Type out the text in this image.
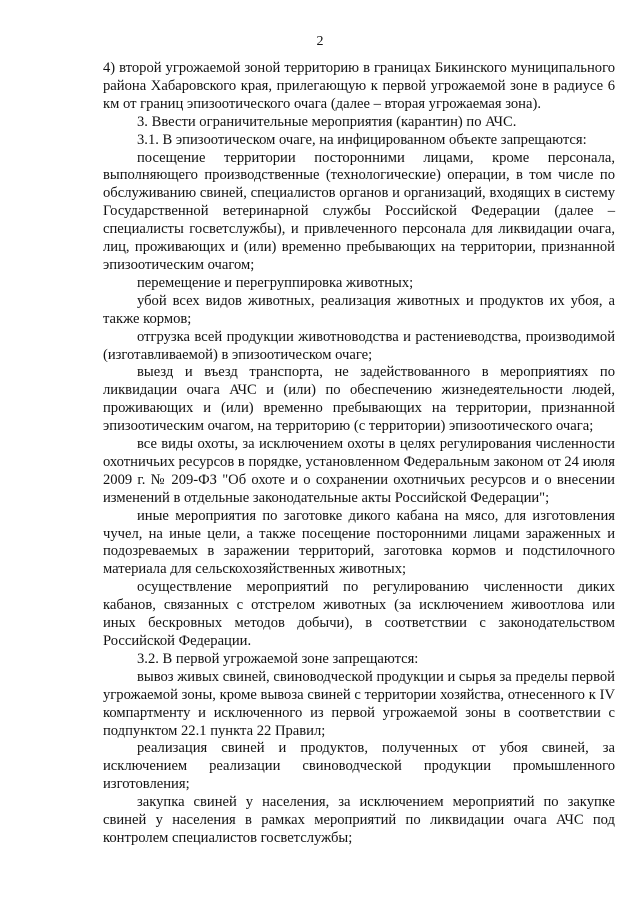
2

4) второй угрожаемой зоной территорию в границах Бикинского муниципального района Хабаровского края, прилегающую к первой угрожаемой зоне в радиусе 6 км от границ эпизоотического очага (далее – вторая угрожаемая зона).

3. Ввести ограничительные мероприятия (карантин) по АЧС.

3.1. В эпизоотическом очаге, на инфицированном объекте запрещаются:

посещение территории посторонними лицами, кроме персонала, выполняющего производственные (технологические) операции, в том числе по обслуживанию свиней, специалистов органов и организаций, входящих в систему Государственной ветеринарной службы Российской Федерации (далее – специалисты госветслужбы), и привлеченного персонала для ликвидации очага, лиц, проживающих и (или) временно пребывающих на территории, признанной эпизоотическим очагом;

перемещение и перегруппировка животных;

убой всех видов животных, реализация животных и продуктов их убоя, а также кормов;

отгрузка всей продукции животноводства и растениеводства, производимой (изготавливаемой) в эпизоотическом очаге;

выезд и въезд транспорта, не задействованного в мероприятиях по ликвидации очага АЧС и (или) по обеспечению жизнедеятельности людей, проживающих и (или) временно пребывающих на территории, признанной эпизоотическим очагом, на территорию (с территории) эпизоотического очага;

все виды охоты, за исключением охоты в целях регулирования численности охотничьих ресурсов в порядке, установленном Федеральным законом от 24 июля 2009 г. № 209-ФЗ "Об охоте и о сохранении охотничьих ресурсов и о внесении изменений в отдельные законодательные акты Российской Федерации";

иные мероприятия по заготовке дикого кабана на мясо, для изготовления чучел, на иные цели, а также посещение посторонними лицами зараженных и подозреваемых в заражении территорий, заготовка кормов и подстилочного материала для сельскохозяйственных животных;

осуществление мероприятий по регулированию численности диких кабанов, связанных с отстрелом животных (за исключением живоотлова или иных бескровных методов добычи), в соответствии с законодательством Российской Федерации.

3.2. В первой угрожаемой зоне запрещаются:

вывоз живых свиней, свиноводческой продукции и сырья за пределы первой угрожаемой зоны, кроме вывоза свиней с территории хозяйства, отнесенного к IV компартменту и исключенного из первой угрожаемой зоны в соответствии с подпунктом 22.1 пункта 22 Правил;

реализация свиней и продуктов, полученных от убоя свиней, за исключением реализации свиноводческой продукции промышленного изготовления;

закупка свиней у населения, за исключением мероприятий по закупке свиней у населения в рамках мероприятий по ликвидации очага АЧС под контролем специалистов госветслужбы;
